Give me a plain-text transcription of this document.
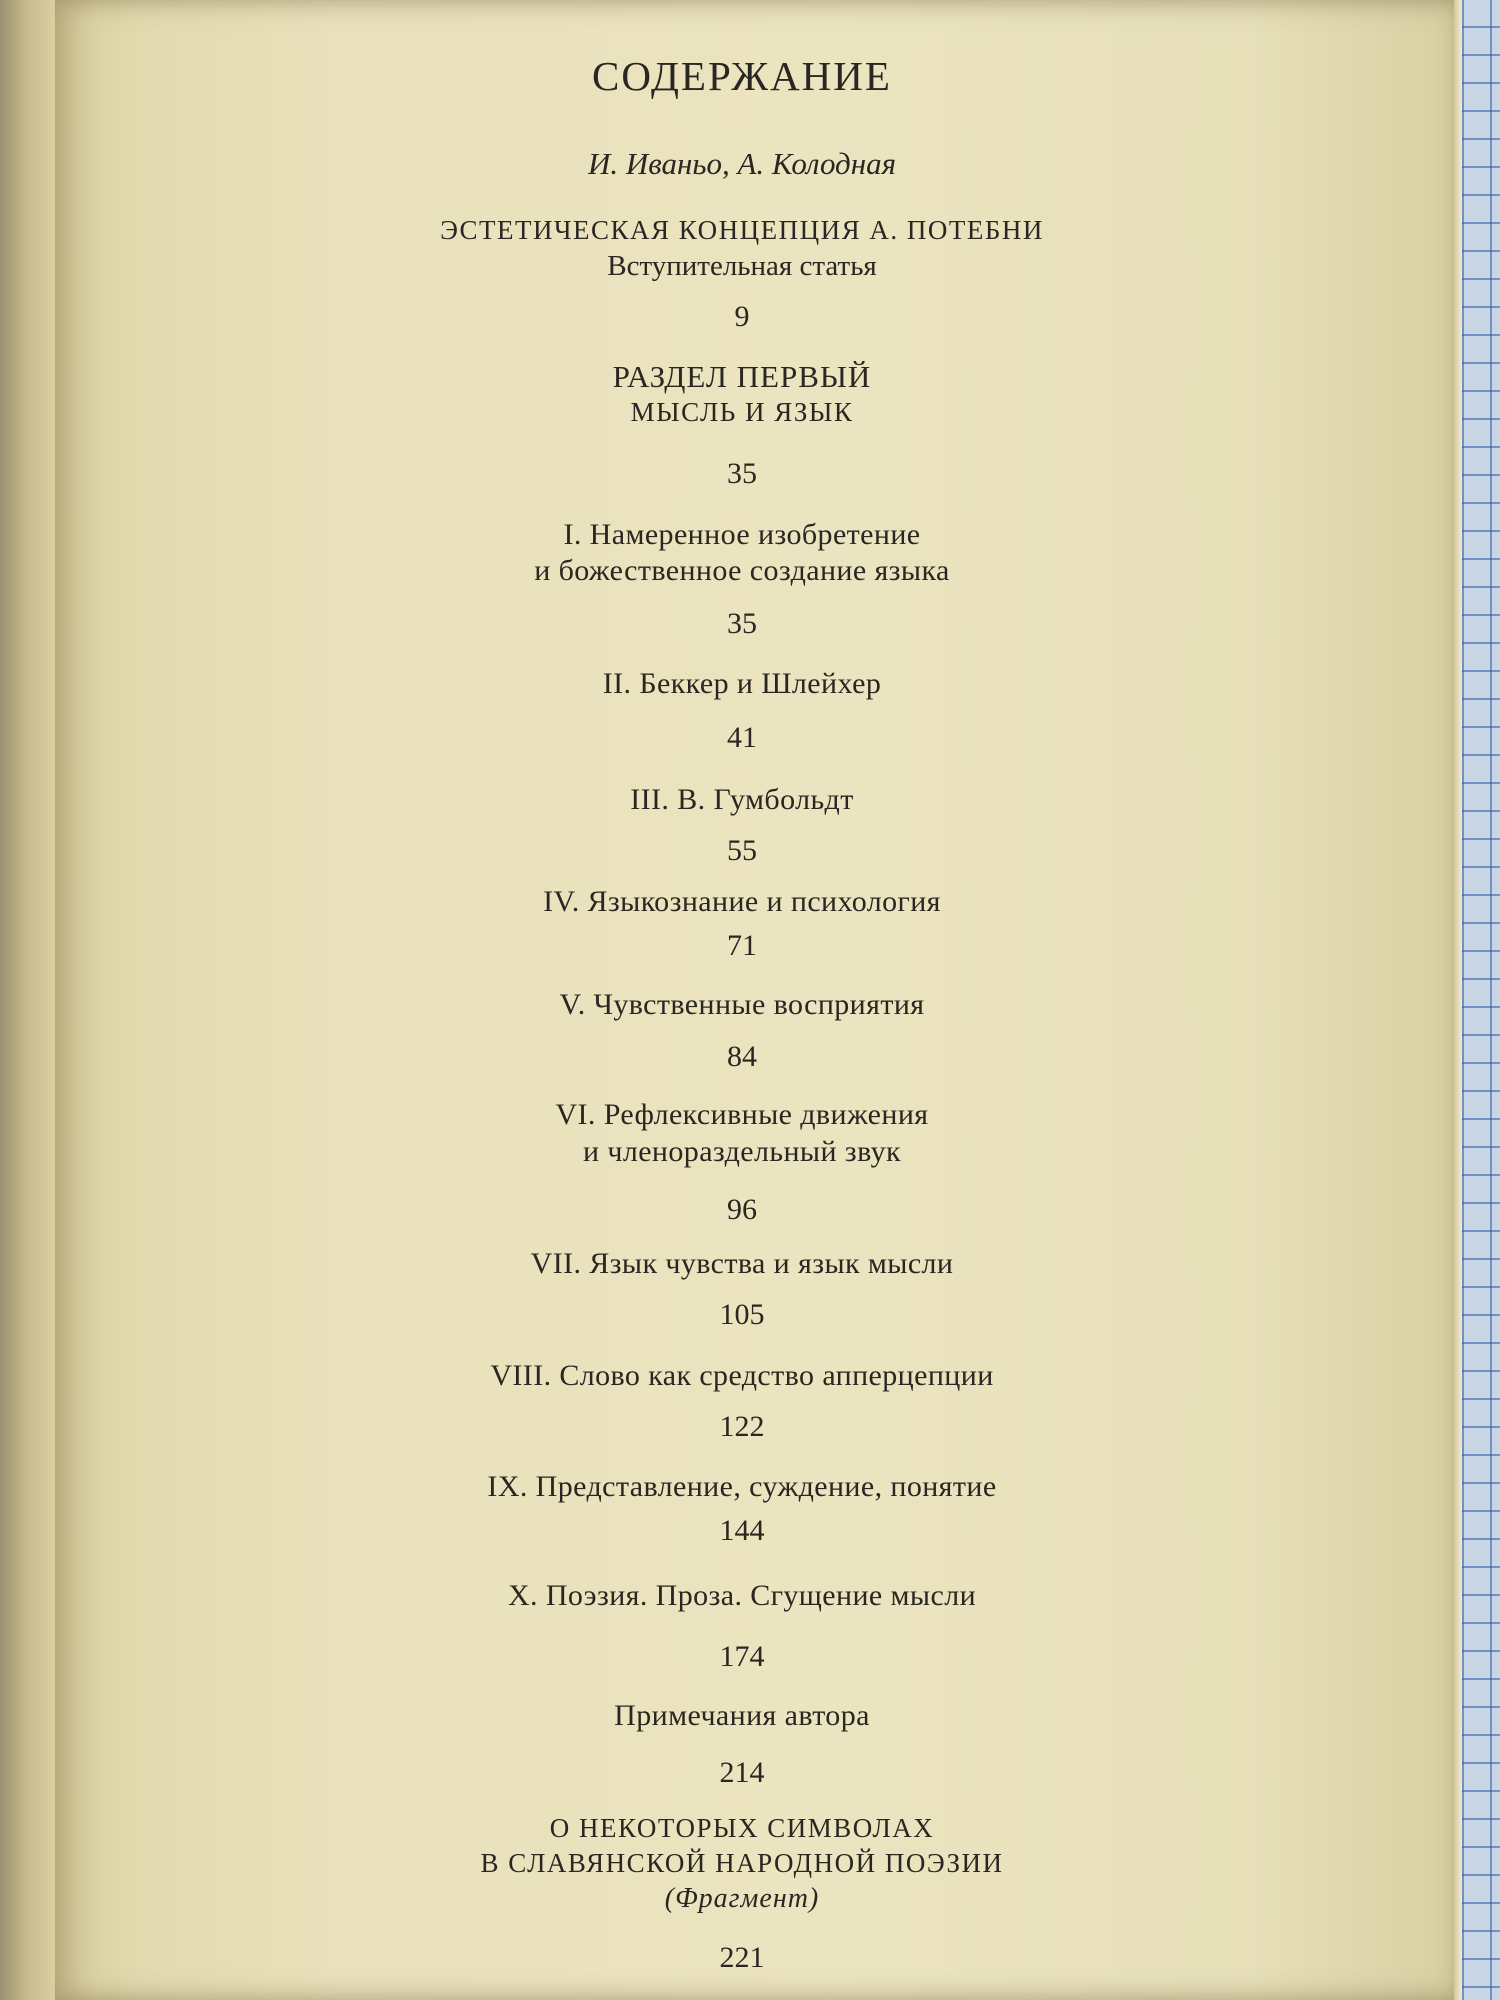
СОДЕРЖАНИЕ
И. Иваньо, А. Колодная
ЭСТЕТИЧЕСКАЯ КОНЦЕПЦИЯ А. ПОТЕБНИ
Вступительная статья
9
РАЗДЕЛ ПЕРВЫЙ
МЫСЛЬ И ЯЗЫК
35
I. Намеренное изобретение
и божественное создание языка
35
II. Беккер и Шлейхер
41
III. В. Гумбольдт
55
IV. Языкознание и психология
71
V. Чувственные восприятия
84
VI. Рефлексивные движения
и членораздельный звук
96
VII. Язык чувства и язык мысли
105
VIII. Слово как средство апперцепции
122
IX. Представление, суждение, понятие
144
X. Поэзия. Проза. Сгущение мысли
174
Примечания автора
214
О НЕКОТОРЫХ СИМВОЛАХ
В СЛАВЯНСКОЙ НАРОДНОЙ ПОЭЗИИ
(Фрагмент)
221
